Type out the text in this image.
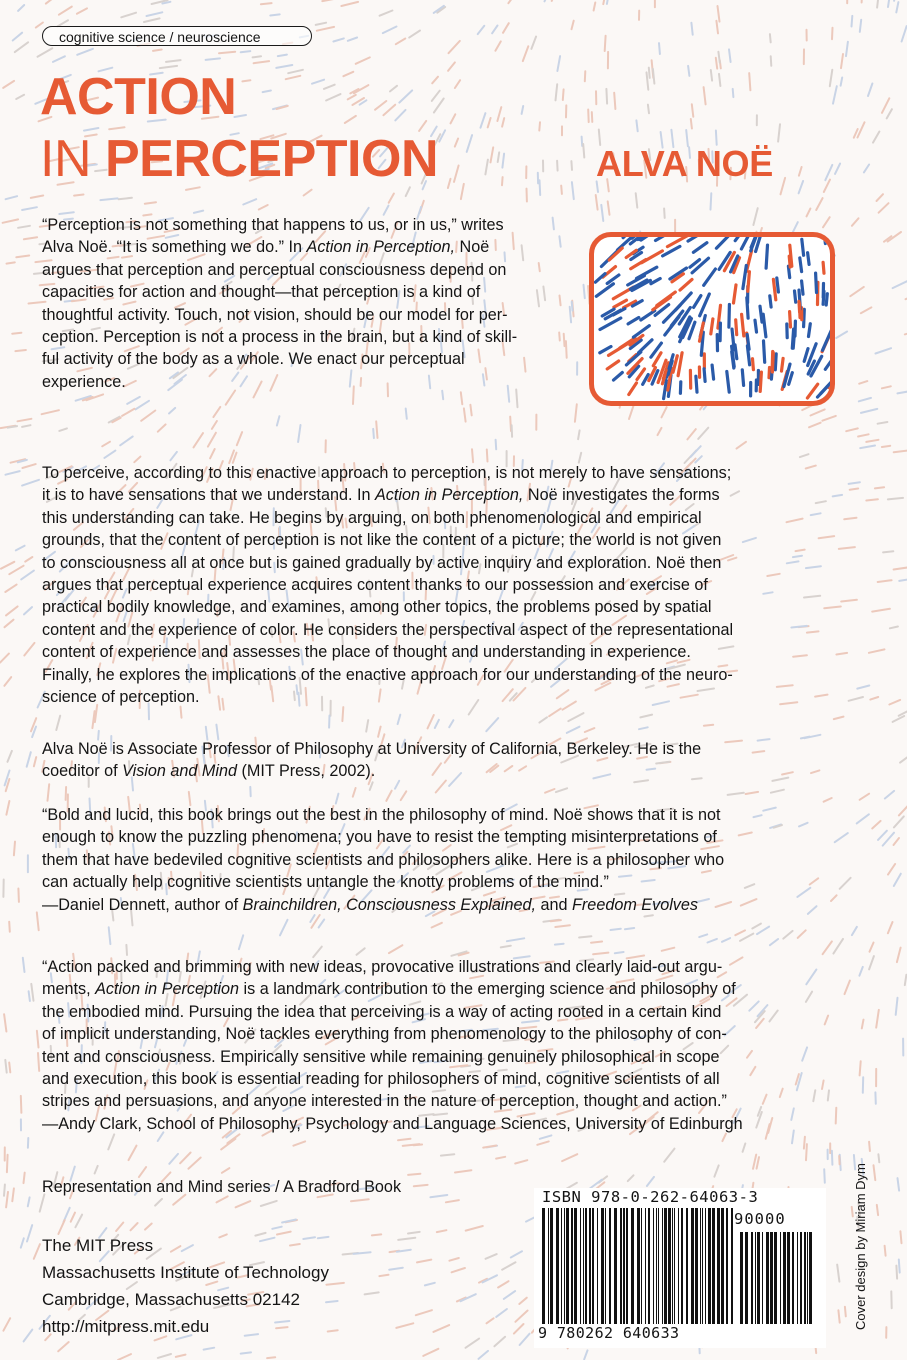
cognitive science / neuroscience
ACTION
IN PERCEPTION	ALVA NOË
“Perception is not something that happens to us, or in us,” writes
Alva Noë. “It is something we do.” In Action in Perception, Noë
argues that perception and perceptual consciousness depend on
capacities for action and thought—that perception is a kind of
thoughtful activity. Touch, not vision, should be our model for per-
ception. Perception is not a process in the brain, but a kind of skill-
ful activity of the body as a whole. We enact our perceptual
experience.
To perceive, according to this enactive approach to perception, is not merely to have sensations;
it is to have sensations that we understand. In Action in Perception, Noë investigates the forms
this understanding can take. He begins by arguing, on both phenomenological and empirical
grounds, that the content of perception is not like the content of a picture; the world is not given
to consciousness all at once but is gained gradually by active inquiry and exploration. Noë then
argues that perceptual experience acquires content thanks to our possession and exercise of
practical bodily knowledge, and examines, among other topics, the problems posed by spatial
content and the experience of color. He considers the perspectival aspect of the representational
content of experience and assesses the place of thought and understanding in experience.
Finally, he explores the implications of the enactive approach for our understanding of the neuro-
science of perception.
Alva Noë is Associate Professor of Philosophy at University of California, Berkeley. He is the
coeditor of Vision and Mind (MIT Press, 2002).
“Bold and lucid, this book brings out the best in the philosophy of mind. Noë shows that it is not
enough to know the puzzling phenomena; you have to resist the tempting misinterpretations of
them that have bedeviled cognitive scientists and philosophers alike. Here is a philosopher who
can actually help cognitive scientists untangle the knotty problems of the mind.”
—Daniel Dennett, author of Brainchildren, Consciousness Explained, and Freedom Evolves
“Action packed and brimming with new ideas, provocative illustrations and clearly laid-out argu-
ments, Action in Perception is a landmark contribution to the emerging science and philosophy of
the embodied mind. Pursuing the idea that perceiving is a way of acting rooted in a certain kind
of implicit understanding, Noë tackles everything from phenomenology to the philosophy of con-
tent and consciousness. Empirically sensitive while remaining genuinely philosophical in scope
and execution, this book is essential reading for philosophers of mind, cognitive scientists of all
stripes and persuasions, and anyone interested in the nature of perception, thought and action.”
—Andy Clark, School of Philosophy, Psychology and Language Sciences, University of Edinburgh
Representation and Mind series / A Bradford Book
The MIT Press
Massachusetts Institute of Technology
Cambridge, Massachusetts 02142
http://mitpress.mit.edu
ISBN 978-0-262-64063-3
90000
9 780262 640633
Cover design by Miriam Dym
